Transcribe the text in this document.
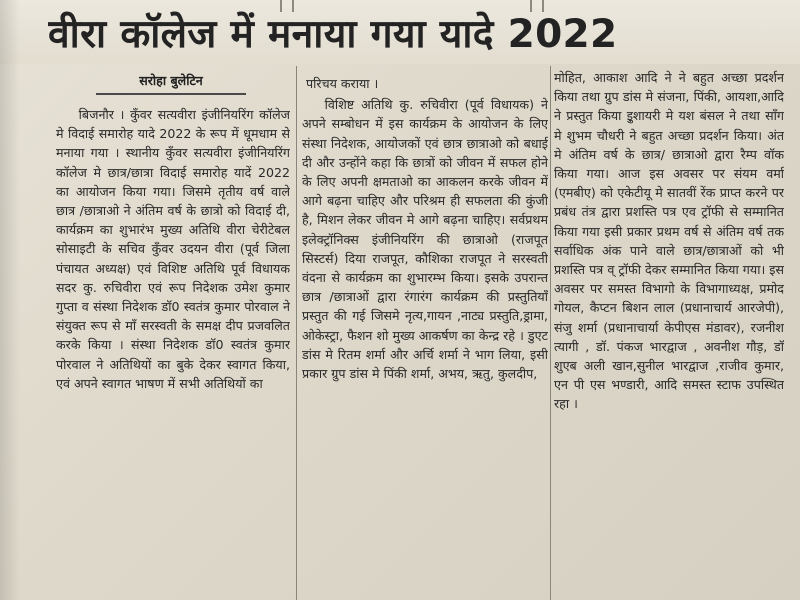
वीरा कॉलेज में मनाया गया यादे 2022
सरोहा बुलेटिन

बिजनौर । कुँवर सत्यवीरा इंजीनियरिंग कॉलेज मे विदाई समारोह यादे 2022 के रूप में धूमधाम से मनाया गया । स्थानीय कुँवर सत्यवीरा इंजीनियरिंग कॉलेज मे छात्र/छात्रा विदाई समारोह यादें 2022 का आयोजन किया गया। जिसमे तृतीय वर्ष वाले छात्र /छात्राओ ने अंतिम वर्ष के छात्रो को विदाई दी, कार्यक्रम का शुभारंभ मुख्य अतिथि वीरा चेरीटेबल सोसाइटी के सचिव कुँवर उदयन वीरा (पूर्व जिला पंचायत अध्यक्ष) एवं विशिष्ट अतिथि पूर्व विधायक सदर कु. रुचिवीरा एवं रूप निदेशक उमेश कुमार गुप्ता व संस्था निदेशक डॉ0 स्वतंत्र कुमार पोरवाल ने संयुक्त रूप से माँ सरस्वती के समक्ष दीप प्रजवलित करके किया । संस्था निदेशक डॉ0 स्वतंत्र कुमार पोरवाल ने अतिथियों का बुके देकर स्वागत किया, एवं अपने स्वागत भाषण में सभी अतिथियों का

परिचय कराया ।

विशिष्ट अतिथि कु. रुचिवीरा (पूर्व विधायक) ने अपने सम्बोधन में इस कार्यक्रम के आयोजन के लिए संस्था निदेशक, आयोजकों एवं छात्र छात्राओ को बधाई दी और उन्होंने कहा कि छात्रों को जीवन में सफल होने के लिए अपनी क्षमताओ का आकलन करके जीवन में आगे बढ़ना चाहिए और परिश्रम ही सफलता की कुंजी है, मिशन लेकर जीवन मे आगे बढ़ना चाहिए। सर्वप्रथम इलेक्ट्रॉनिक्स इंजीनियरिंग की छात्राओ (राजपूत सिस्टर्स) दिया राजपूत, कौशिका राजपूत ने सरस्वती वंदना से कार्यक्रम का शुभारम्भ किया। इसके उपरान्त छात्र /छात्राओं द्वारा रंगारंग कार्यक्रम की प्रस्तुतियॉं प्रस्तुत की गई जिसमे नृत्य,गायन ,नाट्य प्रस्तुति,ड्रामा, ओकेस्ट्रा, फैशन शो मुख्य आकर्षण का केन्द्र रहे । डुएट डांस मे रितम शर्मा और अर्चि शर्मा ने भाग लिया, इसी प्रकार ग्रुप डांस मे पिंकी शर्मा, अभय, ऋतु, कुलदीप,

मोहित, आकाश आदि ने ने बहुत अच्छा प्रदर्शन किया तथा ग्रुप डांस मे संजना, पिंकी, आयशा,आदि ने प्रस्तुत किया इुशायरी मे यश बंसल ने तथा सॉंग मे शुभम चौधरी ने बहुत अच्छा प्रदर्शन किया। अंत मे अंतिम वर्ष के छात्र/ छात्राओ द्वारा रैम्प वॉक किया गया। आज इस अवसर पर संयम वर्मा (एमबीए) को एकेटीयू मे सातवीं रेंक प्राप्त करने पर प्रबंध तंत्र द्वारा प्रशस्ति पत्र एव ट्रॉफी से सम्मानित किया गया इसी प्रकार प्रथम वर्ष से अंतिम वर्ष तक सर्वाधिक अंक पाने वाले छात्र/छात्राओं को भी प्रशस्ति पत्र व् ट्रॉफी देकर सम्मानित किया गया। इस अवसर पर समस्त विभागो के विभागाध्यक्ष, प्रमोद गोयल, कैप्टन बिशन लाल (प्रधानाचार्य आरजेपी), संजु शर्मा (प्रधानाचार्या केपीएस मंडावर), रजनीश त्यागी , डॉ. पंकज भारद्वाज , अवनीश गौड़, डॉ शुएब अली खान,सुनील भारद्वाज ,राजीव कुमार, एन पी एस भण्डारी, आदि समस्त स्टाफ उपस्थित रहा ।
